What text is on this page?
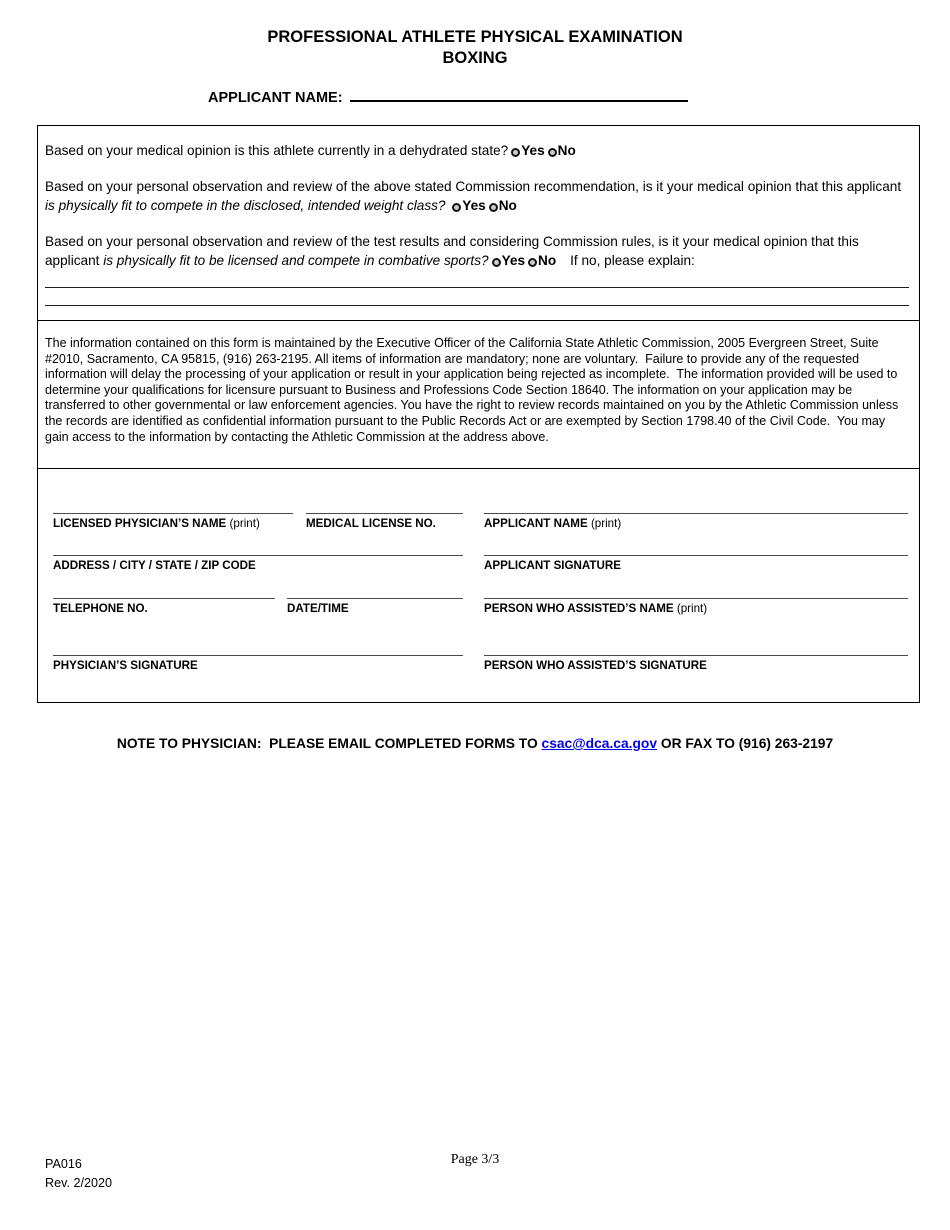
PROFESSIONAL ATHLETE PHYSICAL EXAMINATION
BOXING
APPLICANT NAME:

Based on your medical opinion is this athlete currently in a dehydrated state? Yes No

Based on your personal observation and review of the above stated Commission recommendation, is it your medical opinion that this applicant is physically fit to compete in the disclosed, intended weight class? Yes No

Based on your personal observation and review of the test results and considering Commission rules, is it your medical opinion that this applicant is physically fit to be licensed and compete in combative sports? Yes No If no, please explain:

The information contained on this form is maintained by the Executive Officer of the California State Athletic Commission, 2005 Evergreen Street, Suite #2010, Sacramento, CA 95815, (916) 263-2195. All items of information are mandatory; none are voluntary.  Failure to provide any of the requested information will delay the processing of your application or result in your application being rejected as incomplete.  The information provided will be used to determine your qualifications for licensure pursuant to Business and Professions Code Section 18640. The information on your application may be transferred to other governmental or law enforcement agencies. You have the right to review records maintained on you by the Athletic Commission unless the records are identified as confidential information pursuant to the Public Records Act or are exempted by Section 1798.40 of the Civil Code.  You may gain access to the information by contacting the Athletic Commission at the address above.

LICENSED PHYSICIAN’S NAME (print)	MEDICAL LICENSE NO.	APPLICANT NAME (print)
ADDRESS / CITY / STATE / ZIP CODE	APPLICANT SIGNATURE
TELEPHONE NO.	DATE/TIME	PERSON WHO ASSISTED’S NAME (print)
PHYSICIAN’S SIGNATURE	PERSON WHO ASSISTED’S SIGNATURE

NOTE TO PHYSICIAN:  PLEASE EMAIL COMPLETED FORMS TO csac@dca.ca.gov OR FAX TO (916) 263-2197

PA016
Rev. 2/2020
Page 3/3
